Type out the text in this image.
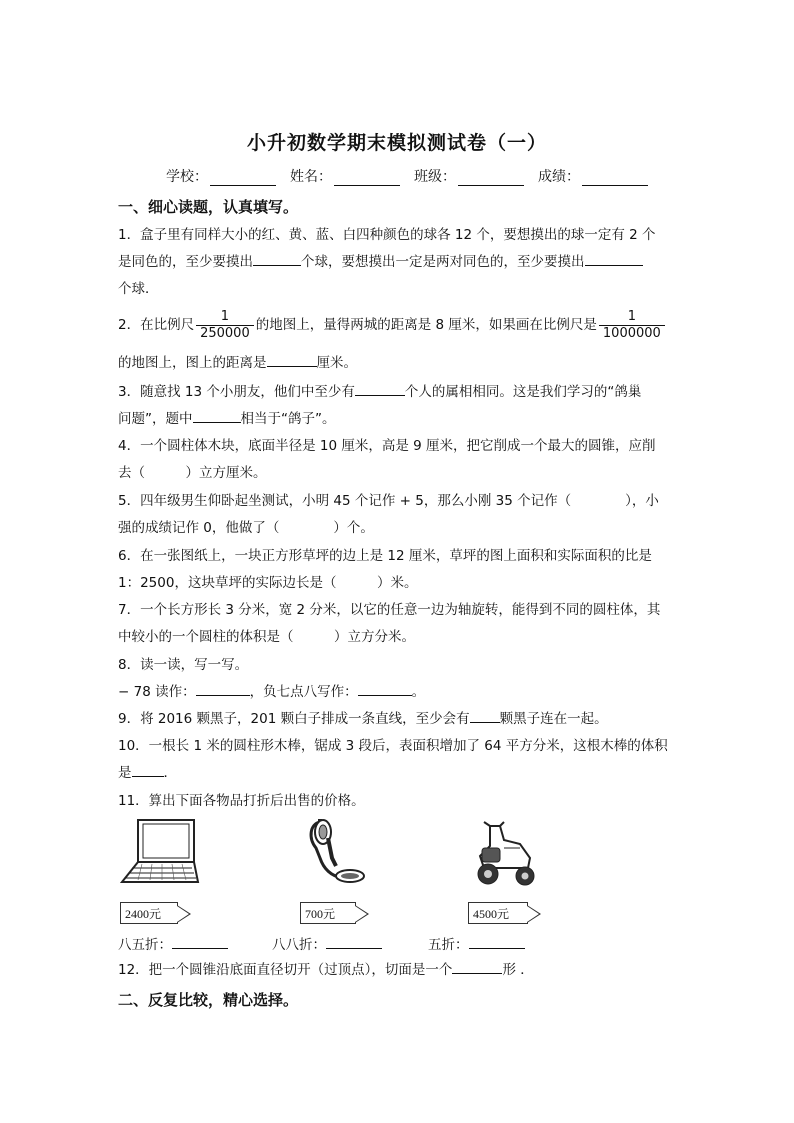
小升初数学期末模拟测试卷（一）
学校：	姓名：	班级：	成绩：
一、细心读题，认真填写。
1．盒子里有同样大小的红、黄、蓝、白四种颜色的球各 12 个，要想摸出的球一定有 2 个
是同色的，至少要摸出	个球，要想摸出一定是两对同色的，至少要摸出
个球．
2．在比例尺 $\frac{1}{250000}$ 的地图上，量得两城的距离是 8 厘米，如果画在比例尺是 $\frac{1}{1000000}$
的地图上，图上的距离是	厘米。
3．随意找 13 个小朋友，他们中至少有	个人的属相相同。这是我们学习的“鸽巢
问题”，题中	相当于“鸽子”。
4．一个圆柱体木块，底面半径是 10 厘米，高是 9 厘米，把它削成一个最大的圆锥，应削
去（　　　）立方厘米。
5．四年级男生仰卧起坐测试，小明 45 个记作 + 5，那么小刚 35 个记作（　　　　），小
强的成绩记作 0，他做了（　　　　）个。
6．在一张图纸上，一块正方形草坪的边上是 12 厘米，草坪的图上面积和实际面积的比是
1：2500，这块草坪的实际边长是（　　　）米。
7．一个长方形长 3 分米，宽 2 分米，以它的任意一边为轴旋转，能得到不同的圆柱体，其
中较小的一个圆柱的体积是（　　　）立方分米。
8．读一读，写一写。
− 78 读作：	，负七点八写作：	。
9．将 2016 颗黑子，201 颗白子排成一条直线，至少会有 颗黑子连在一起。
10．一根长 1 米的圆柱形木棒，锯成 3 段后，表面积增加了 64 平方分米，这根木棒的体积
是 ．
11．算出下面各物品打折后出售的价格。
2400元	700元	4500元
八五折：	八八折：	五折：
12．把一个圆锥沿底面直径切开（过顶点），切面是一个	形 ．
二、反复比较，精心选择。
